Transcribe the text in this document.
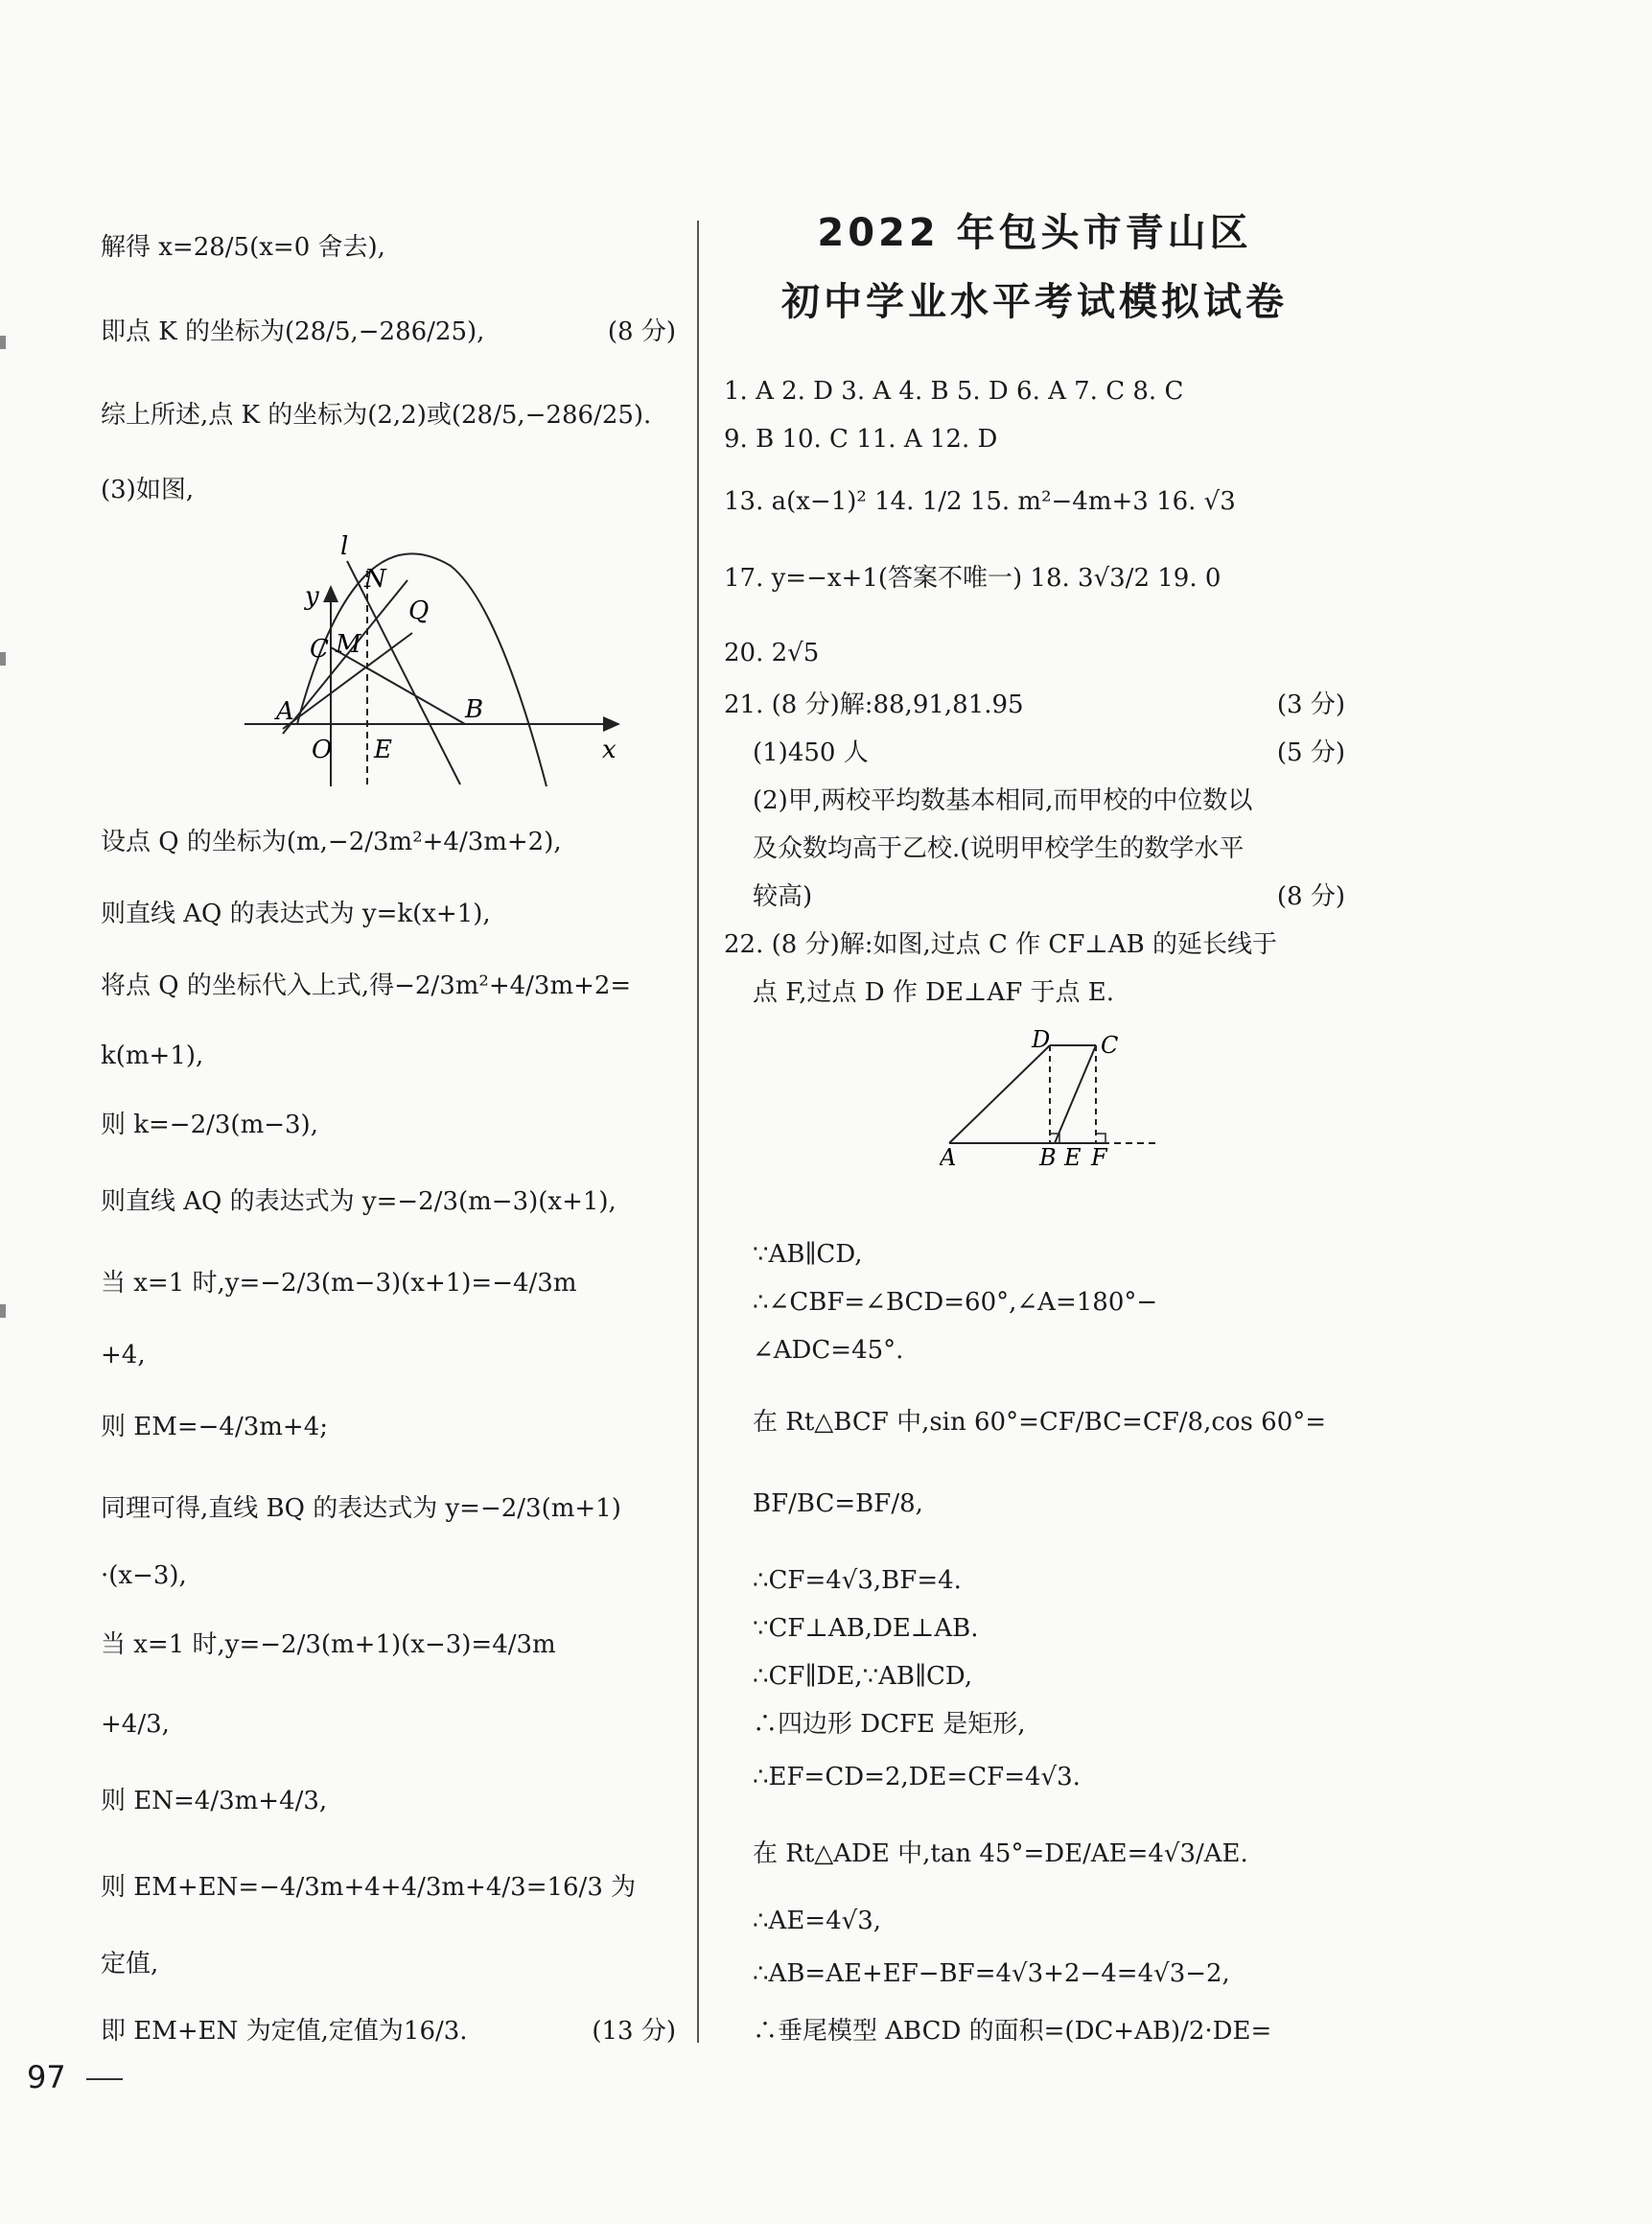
解得 x=28/5(x=0 舍去),
即点 K 的坐标为(28/5,−286/25),	(8 分)
综上所述,点 K 的坐标为(2,2)或(28/5,−286/25).
(3)如图,
l
N
y	Q
C M
A	B
O E	x
设点 Q 的坐标为(m,−2/3m²+4/3m+2),
则直线 AQ 的表达式为 y=k(x+1),
将点 Q 的坐标代入上式,得−2/3m²+4/3m+2=
k(m+1),
则 k=−2/3(m−3),
则直线 AQ 的表达式为 y=−2/3(m−3)(x+1),
当 x=1 时,y=−2/3(m−3)(x+1)=−4/3m
+4,
则 EM=−4/3m+4;
同理可得,直线 BQ 的表达式为 y=−2/3(m+1)
·(x−3),
当 x=1 时,y=−2/3(m+1)(x−3)=4/3m
+4/3,
则 EN=4/3m+4/3,
则 EM+EN=−4/3m+4+4/3m+4/3=16/3 为
定值,
即 EM+EN 为定值,定值为16/3.	(13 分)
2022 年包头市青山区
初中学业水平考试模拟试卷
1. A 2. D 3. A 4. B 5. D 6. A 7. C 8. C
9. B 10. C 11. A 12. D
13. a(x−1)² 14. 1/2 15. m²−4m+3 16. √3
17. y=−x+1(答案不唯一) 18. 3√3/2 19. 0
20. 2√5
21. (8 分)解:88,91,81.95	(3 分)
(1)450 人	(5 分)
(2)甲,两校平均数基本相同,而甲校的中位数以
及众数均高于乙校.(说明甲校学生的数学水平
较高)	(8 分)
22. (8 分)解:如图,过点 C 作 CF⊥AB 的延长线于
点 F,过点 D 作 DE⊥AF 于点 E.
D C
A	B E F
∵AB∥CD,
∴∠CBF=∠BCD=60°,∠A=180°−
∠ADC=45°.
在 Rt△BCF 中,sin 60°=CF/BC=CF/8,cos 60°=
BF/BC=BF/8,
∴CF=4√3,BF=4.
∵CF⊥AB,DE⊥AB.
∴CF∥DE,∵AB∥CD,
∴四边形 DCFE 是矩形,
∴EF=CD=2,DE=CF=4√3.
在 Rt△ADE 中,tan 45°=DE/AE=4√3/AE.
∴AE=4√3,
∴AB=AE+EF−BF=4√3+2−4=4√3−2,
∴垂尾模型 ABCD 的面积=(DC+AB)/2·DE=
97
